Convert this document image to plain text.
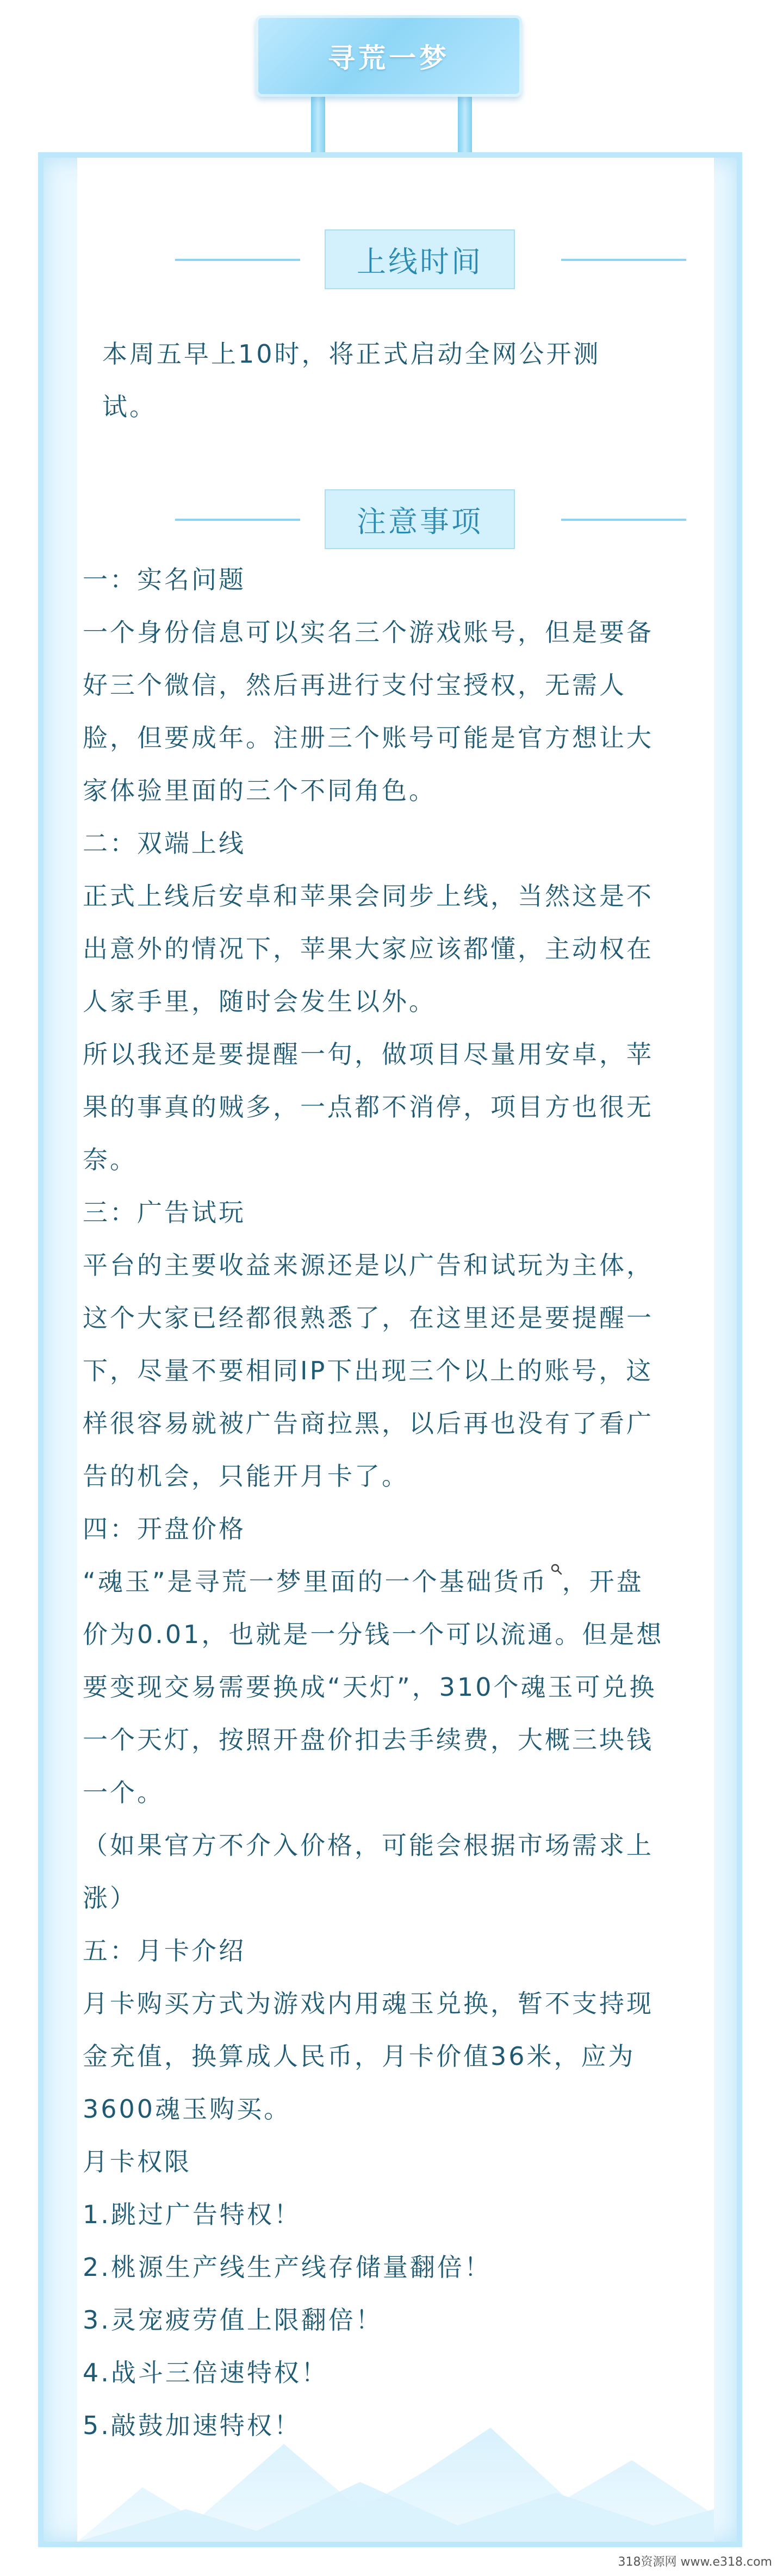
上线时间
本周五早上10时，将正式启动全网公开测
试。
注意事项
一：实名问题
一个身份信息可以实名三个游戏账号，但是要备
好三个微信，然后再进行支付宝授权，无需人
脸，但要成年。注册三个账号可能是官方想让大
家体验里面的三个不同角色。
二：双端上线
正式上线后安卓和苹果会同步上线，当然这是不
出意外的情况下，苹果大家应该都懂，主动权在
人家手里，随时会发生以外。
所以我还是要提醒一句，做项目尽量用安卓，苹
果的事真的贼多，一点都不消停，项目方也很无
奈。
三：广告试玩
平台的主要收益来源还是以广告和试玩为主体，
这个大家已经都很熟悉了，在这里还是要提醒一
下，尽量不要相同IP下出现三个以上的账号，这
样很容易就被广告商拉黑，以后再也没有了看广
告的机会，只能开月卡了。
四：开盘价格
“魂玉”是寻荒一梦里面的一个基础货币 ，开盘
价为0.01，也就是一分钱一个可以流通。但是想
要变现交易需要换成“天灯”，310个魂玉可兑换
一个天灯，按照开盘价扣去手续费，大概三块钱
一个。
（如果官方不介入价格，可能会根据市场需求上
涨）
五：月卡介绍
月卡购买方式为游戏内用魂玉兑换，暂不支持现
金充值，换算成人民币，月卡价值36米，应为
3600魂玉购买。
月卡权限
1.跳过广告特权！
2.桃源生产线生产线存储量翻倍！
3.灵宠疲劳值上限翻倍！
4.战斗三倍速特权！
5.敲鼓加速特权！
寻荒一梦
318资源网 www.e318.com
